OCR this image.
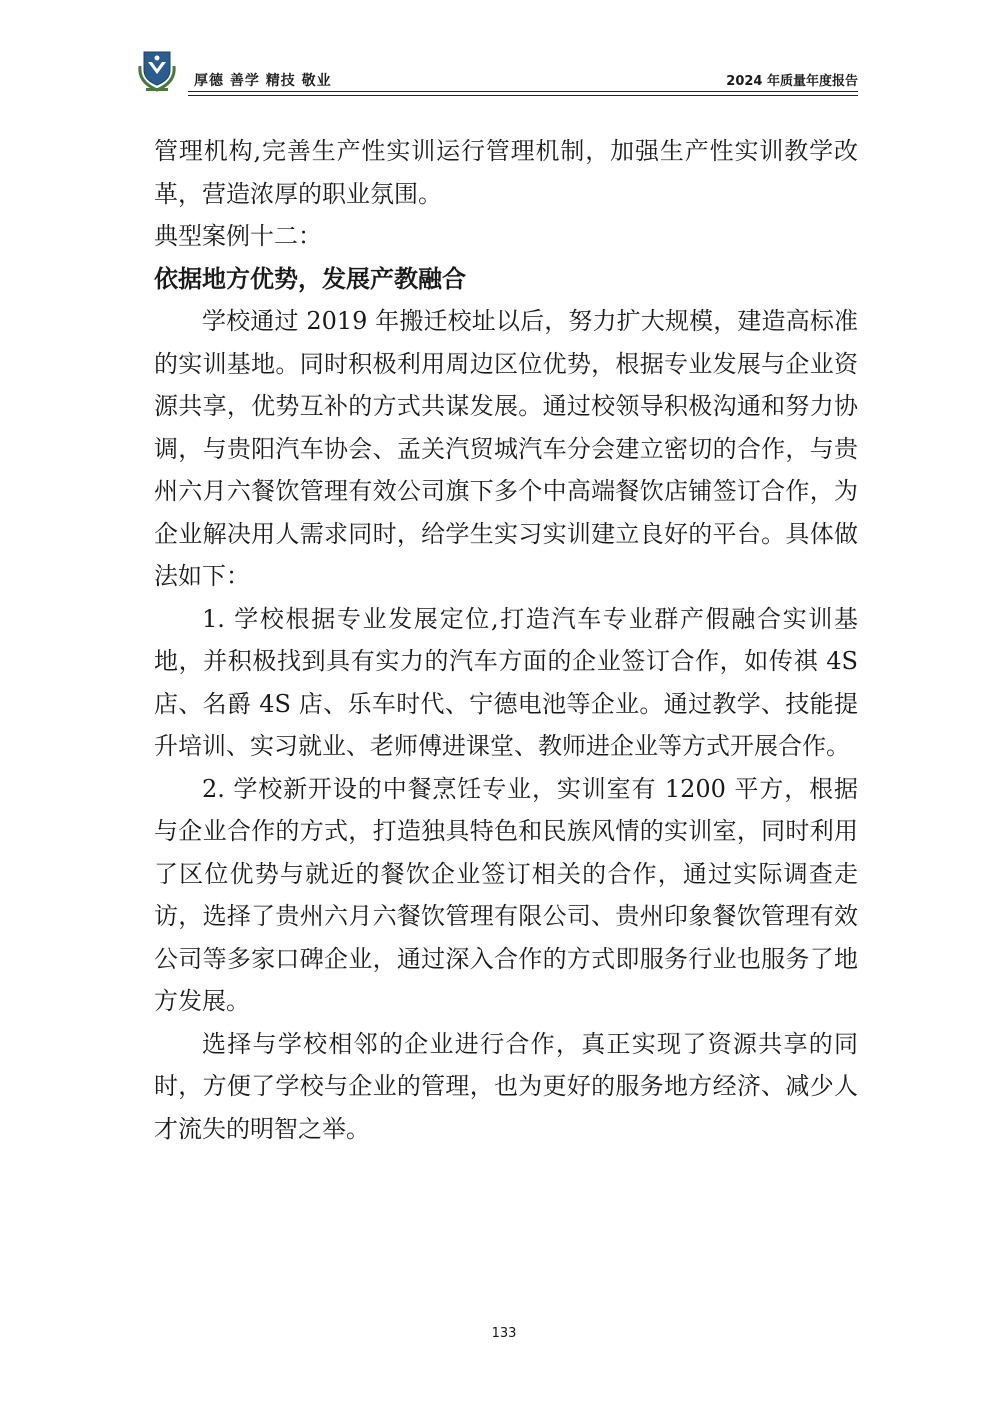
厚德 善学 精技 敬业	2024 年质量年度报告

管理机构,完善生产性实训运行管理机制，加强生产性实训教学改革，营造浓厚的职业氛围。

典型案例十二：

依据地方优势，发展产教融合

学校通过 2019 年搬迁校址以后，努力扩大规模，建造高标准的实训基地。同时积极利用周边区位优势，根据专业发展与企业资源共享，优势互补的方式共谋发展。通过校领导积极沟通和努力协调，与贵阳汽车协会、孟关汽贸城汽车分会建立密切的合作，与贵州六月六餐饮管理有效公司旗下多个中高端餐饮店铺签订合作，为企业解决用人需求同时，给学生实习实训建立良好的平台。具体做法如下：

1. 学校根据专业发展定位,打造汽车专业群产假融合实训基地，并积极找到具有实力的汽车方面的企业签订合作，如传祺 4S 店、名爵 4S 店、乐车时代、宁德电池等企业。通过教学、技能提升培训、实习就业、老师傅进课堂、教师进企业等方式开展合作。

2. 学校新开设的中餐烹饪专业，实训室有 1200 平方，根据与企业合作的方式，打造独具特色和民族风情的实训室，同时利用了区位优势与就近的餐饮企业签订相关的合作，通过实际调查走访，选择了贵州六月六餐饮管理有限公司、贵州印象餐饮管理有效公司等多家口碑企业，通过深入合作的方式即服务行业也服务了地方发展。

选择与学校相邻的企业进行合作，真正实现了资源共享的同时，方便了学校与企业的管理，也为更好的服务地方经济、减少人才流失的明智之举。

133
